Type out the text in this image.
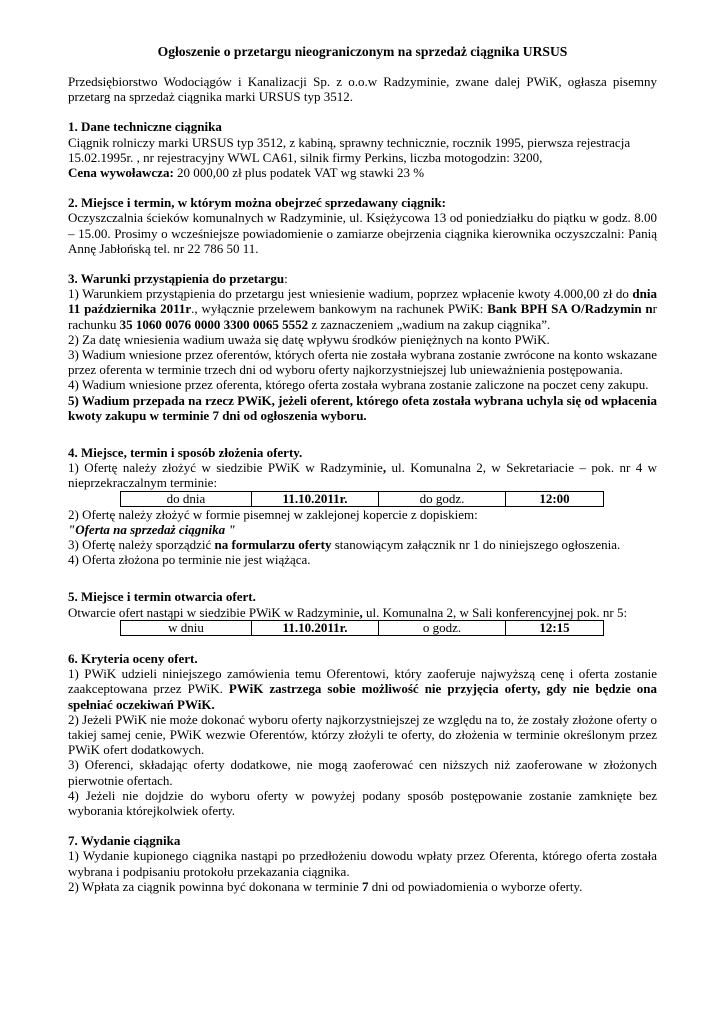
Ogłoszenie o przetargu nieograniczonym na sprzedaż ciągnika URSUS

Przedsiębiorstwo Wodociągów i Kanalizacji Sp. z o.o.w Radzyminie, zwane dalej PWiK, ogłasza pisemny przetarg na sprzedaż ciągnika marki URSUS typ 3512.

1. Dane techniczne ciągnika

Ciągnik rolniczy marki URSUS typ 3512, z kabiną, sprawny technicznie, rocznik 1995, pierwsza rejestracja 15.02.1995r. , nr rejestracyjny WWL CA61, silnik firmy Perkins, liczba motogodzin: 3200,

Cena wywoławcza: 20 000,00 zł plus podatek VAT wg stawki 23 %

2. Miejsce i termin, w którym można obejrzeć sprzedawany ciągnik:

Oczyszczalnia ścieków komunalnych w Radzyminie, ul. Księżycowa 13 od poniedziałku do piątku w godz. 8.00 – 15.00. Prosimy o wcześniejsze powiadomienie o zamiarze obejrzenia ciągnika kierownika oczyszczalni: Panią Annę Jabłońską tel. nr 22 786 50 11.

3. Warunki przystąpienia do przetargu:

1) Warunkiem przystąpienia do przetargu jest wniesienie wadium, poprzez wpłacenie kwoty 4.000,00 zł do dnia 11 października 2011r., wyłącznie przelewem bankowym na rachunek PWiK: Bank BPH SA O/Radzymin nr rachunku 35 1060 0076 0000 3300 0065 5552 z zaznaczeniem „wadium na zakup ciągnika”.

2) Za datę wniesienia wadium uważa się datę wpływu środków pieniężnych na konto PWiK.

3) Wadium wniesione przez oferentów, których oferta nie została wybrana zostanie zwrócone na konto wskazane przez oferenta w terminie trzech dni od wyboru oferty najkorzystniejszej lub unieważnienia postępowania.

4) Wadium wniesione przez oferenta, którego oferta została wybrana zostanie zaliczone na poczet ceny zakupu.

5) Wadium przepada na rzecz PWiK, jeżeli oferent, którego ofeta została wybrana uchyla się od wpłacenia kwoty zakupu w terminie 7 dni od ogłoszenia wyboru.

4. Miejsce, termin i sposób złożenia oferty.

1) Ofertę należy złożyć w siedzibie PWiK w Radzyminie, ul. Komunalna 2, w Sekretariacie – pok. nr 4 w nieprzekraczalnym terminie:

do dnia	11.10.2011r.	do godz.	12:00

2) Ofertę należy złożyć w formie pisemnej w zaklejonej kopercie z dopiskiem:

"Oferta na sprzedaż ciągnika "

3) Ofertę należy sporządzić na formularzu oferty stanowiącym załącznik nr 1 do niniejszego ogłoszenia.

4) Oferta złożona po terminie nie jest wiążąca.

5. Miejsce i termin otwarcia ofert.

Otwarcie ofert nastąpi w siedzibie PWiK w Radzyminie, ul. Komunalna 2, w Sali konferencyjnej pok. nr 5:

w dniu	11.10.2011r.	o godz.	12:15

6. Kryteria oceny ofert.

1) PWiK udzieli niniejszego zamówienia temu Oferentowi, który zaoferuje najwyższą cenę i oferta zostanie zaakceptowana przez PWiK. PWiK zastrzega sobie możliwość nie przyjęcia oferty, gdy nie będzie ona spełniać oczekiwań PWiK.

2) Jeżeli PWiK nie może dokonać wyboru oferty najkorzystniejszej ze względu na to, że zostały złożone oferty o takiej samej cenie, PWiK wezwie Oferentów, którzy złożyli te oferty, do złożenia w terminie określonym przez PWiK ofert dodatkowych.

3) Oferenci, składając oferty dodatkowe, nie mogą zaoferować cen niższych niż zaoferowane w złożonych pierwotnie ofertach.

4) Jeżeli nie dojdzie do wyboru oferty w powyżej podany sposób postępowanie zostanie zamknięte bez wyborania którejkolwiek oferty.

7. Wydanie ciągnika

1) Wydanie kupionego ciągnika nastąpi po przedłożeniu dowodu wpłaty przez Oferenta, którego oferta została wybrana i podpisaniu protokołu przekazania ciągnika.

2) Wpłata za ciągnik powinna być dokonana w terminie 7 dni od powiadomienia o wyborze oferty.
